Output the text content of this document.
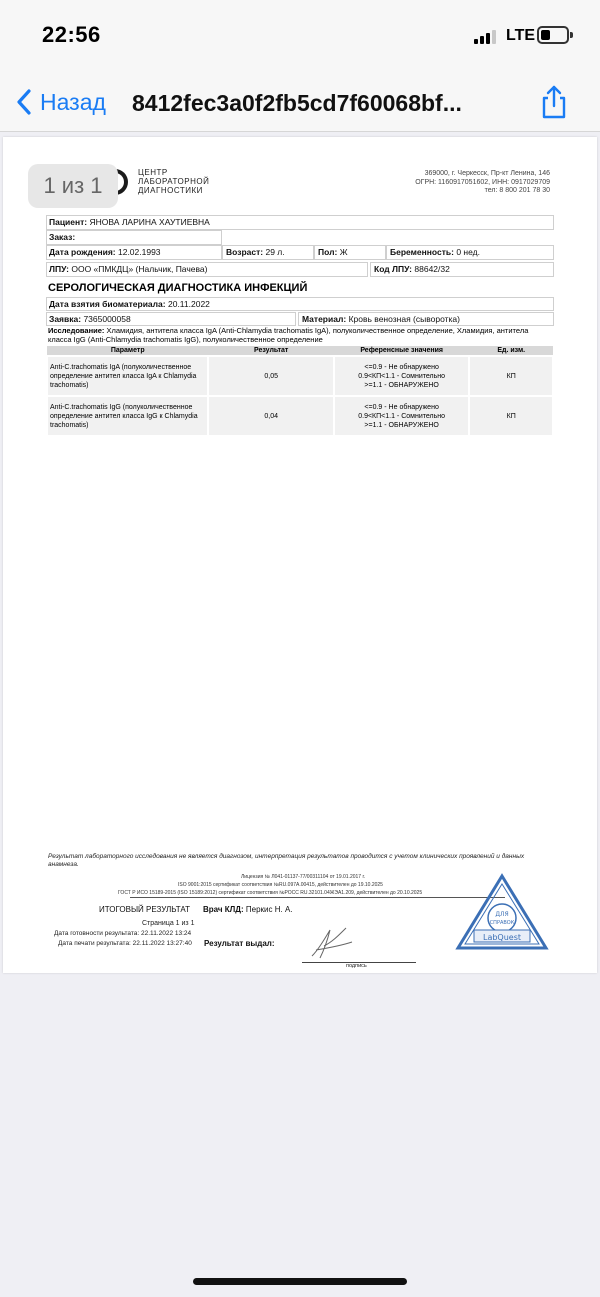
22:56	LTE
Назад 8412fec3a0f2fb5cd7f60068bf...
1 из 1
ЦЕНТР
ЛАБОРАТОРНОЙ
ДИАГНОСТИКИ
369000, г. Черкесск, Пр-кт Ленина, 146
ОГРН: 1160917051602, ИНН: 0917029709
тел: 8 800 201 78 30
Пациент: ЯНОВА ЛАРИНА ХАУТИЕВНА
Заказ:
Дата рождения: 12.02.1993	Возраст: 29 л.	Пол: Ж	Беременность: 0 нед.
ЛПУ: ООО «ПМКДЦ» (Нальчик, Пачева)	Код ЛПУ: 88642/32
СЕРОЛОГИЧЕСКАЯ ДИАГНОСТИКА ИНФЕКЦИЙ
Дата взятия биоматериала: 20.11.2022
Заявка: 7365000058	Материал: Кровь венозная (сыворотка)
Исследование: Хламидия, антитела класса IgA (Anti-Chlamydia trachomatis IgA), полуколичественное определение, Хламидия, антитела класса IgG (Anti-Chlamydia trachomatis IgG), полуколичественное определение
Параметр	Результат	Референсные значения	Ед. изм.
Anti-C.trachomatis IgA (полуколичественное определение антител класса IgA к Chlamydia trachomatis)	0,05	<=0.9 - Не обнаружено
0.9<КП<1.1 - Сомнительно
>=1.1 - ОБНАРУЖЕНО	КП
Anti-C.trachomatis IgG (полуколичественное определение антител класса IgG к Chlamydia trachomatis)	0,04	<=0.9 - Не обнаружено
0.9<КП<1.1 - Сомнительно
>=1.1 - ОБНАРУЖЕНО	КП
Результат лабораторного исследования не является диагнозом, интерпретация результатов проводится с учетом клинических проявлений и данных анамнеза.
Лицензия № Л041-01137-77/00311104 от 19.01.2017 г.
ISO 9001:2015 сертификат соответствия №RU.097А.00415, действителен до 19.10.2025
ГОСТ Р ИСО 15189-2015 (ISO 15189:2012) сертификат соответствия №РОСС RU.32101.04ЖЭА1.209, действителен до 20.10.2025
ИТОГОВЫЙ РЕЗУЛЬТАТ Врач КЛД: Перкис Н. А.
Страница 1 из 1
Дата готовности результата: 22.11.2022 13:24
Дата печати результата: 22.11.2022 13:27:40 Результат выдал:
подпись
ДЛЯ
СПРАВОК
LabQuest
